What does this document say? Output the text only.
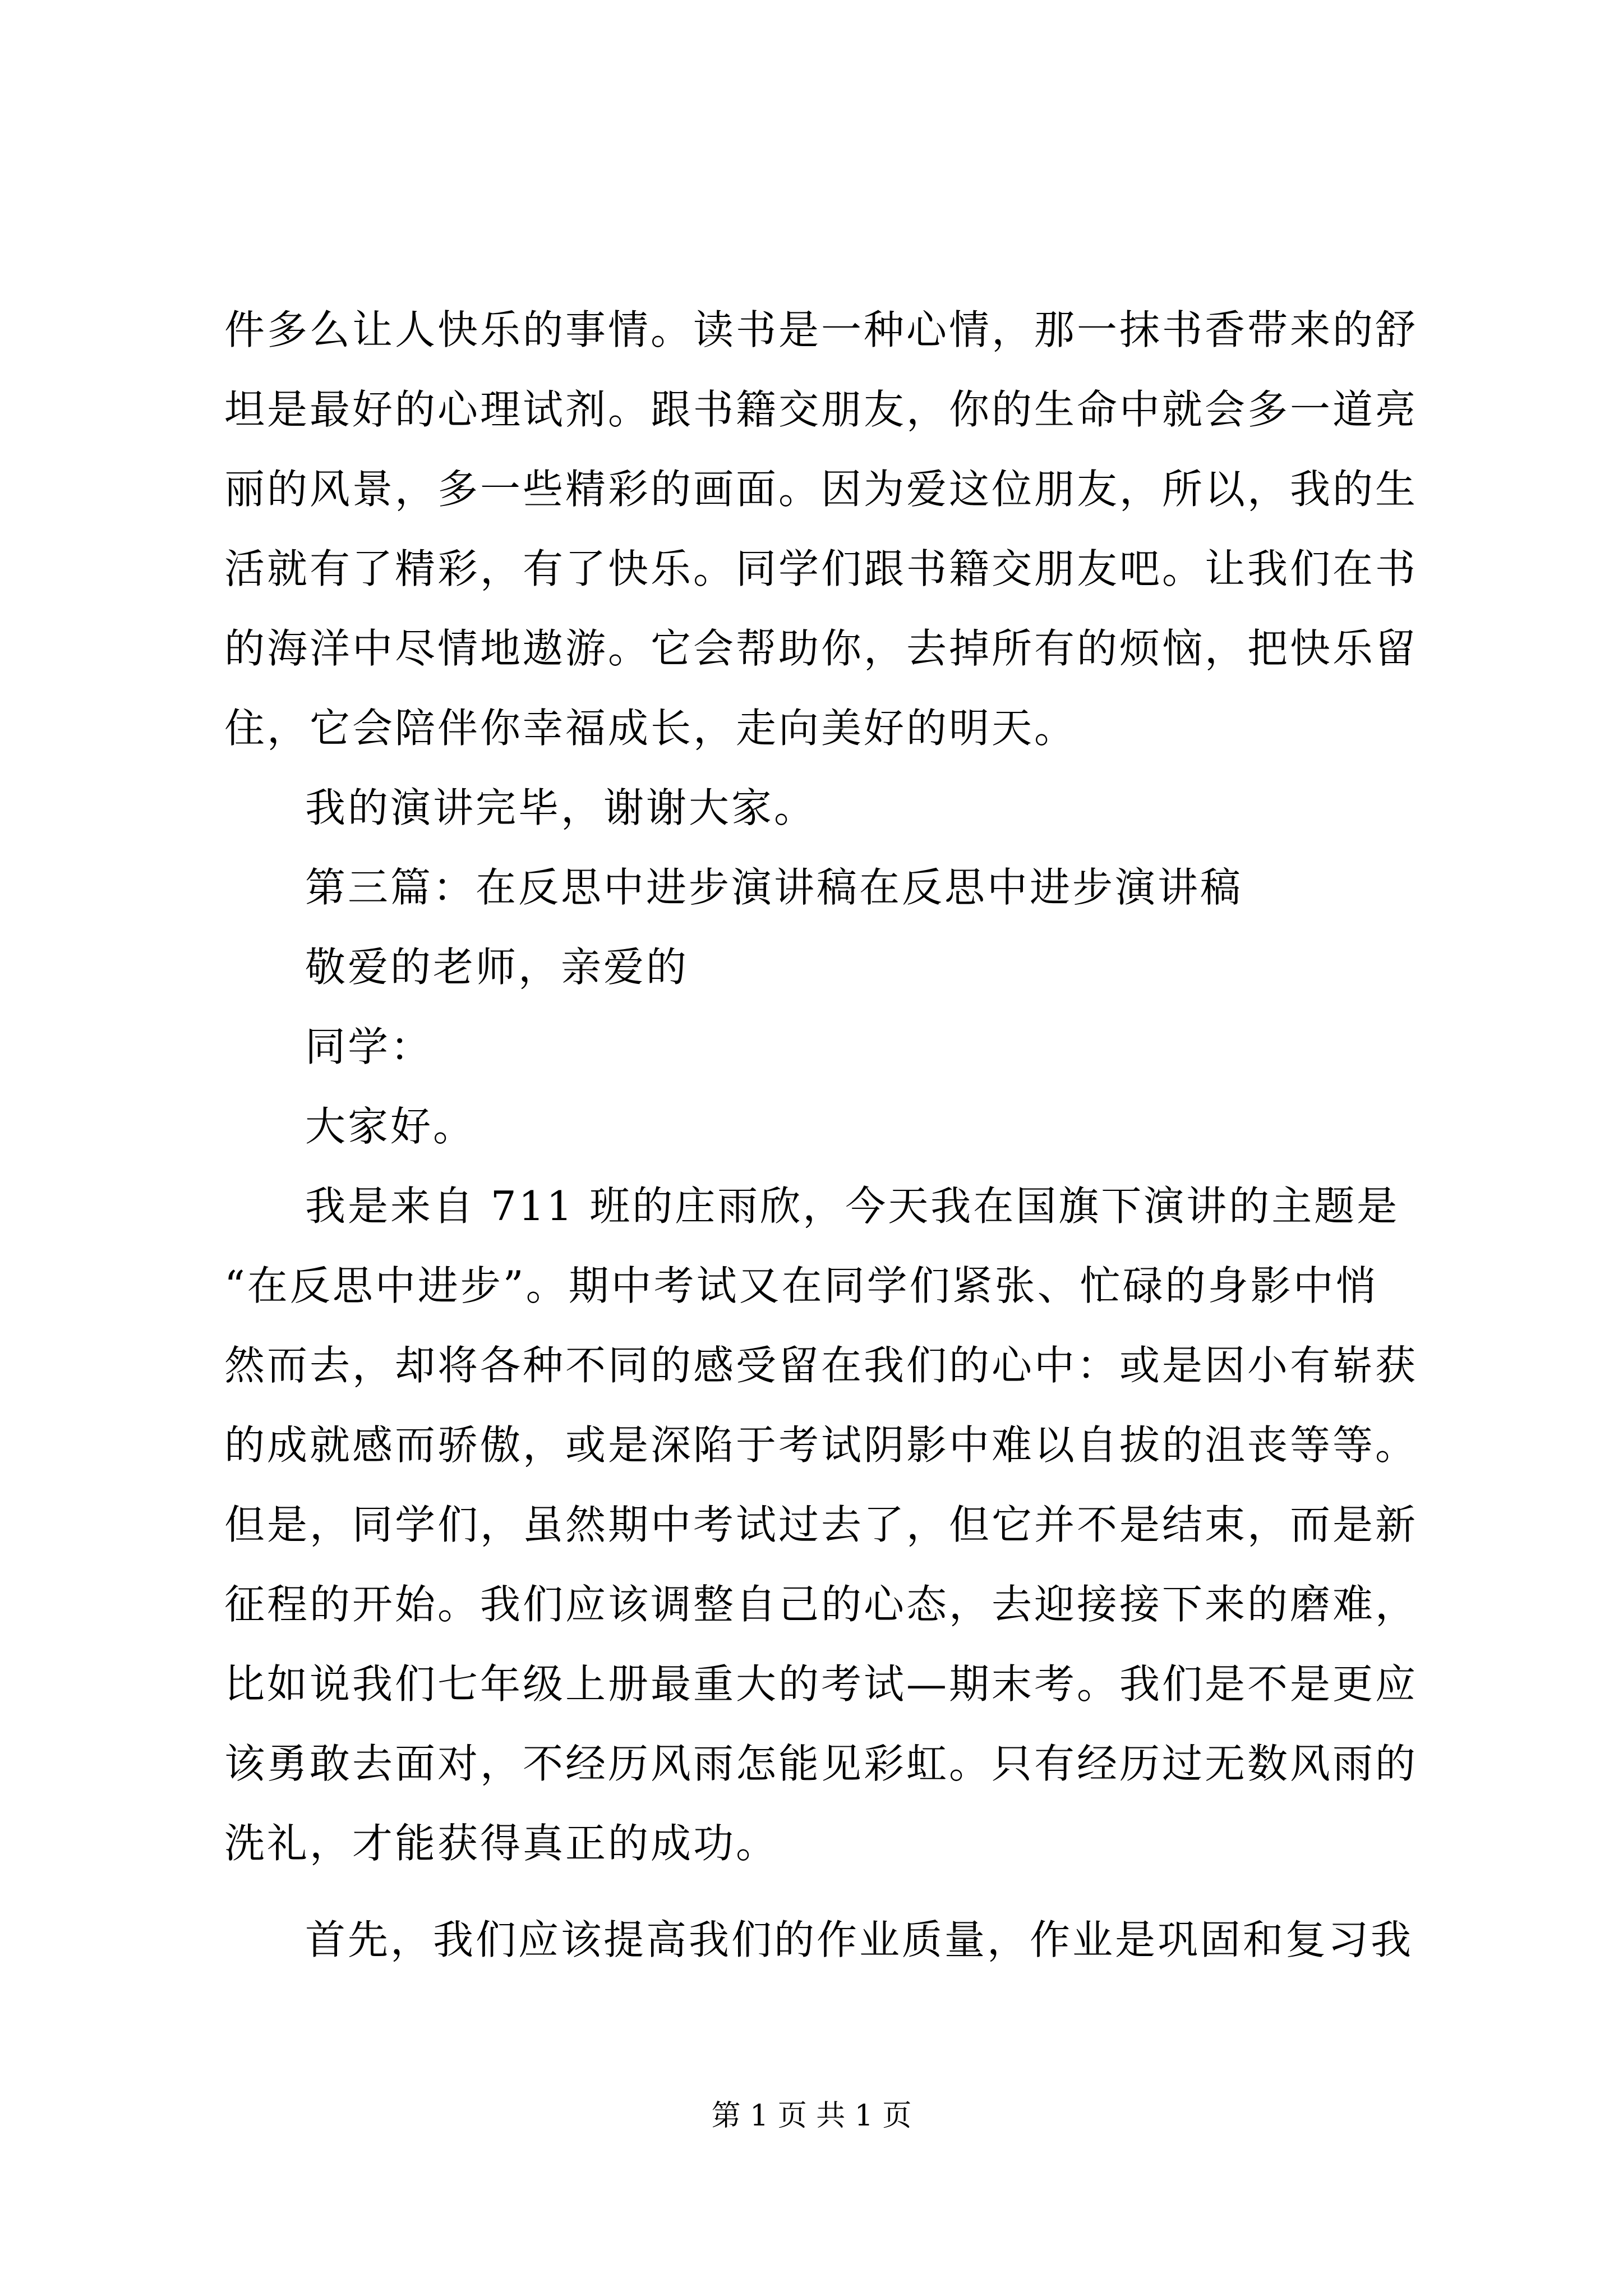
件多么让人快乐的事情。读书是一种心情，那一抹书香带来的舒
坦是最好的心理试剂。跟书籍交朋友，你的生命中就会多一道亮
丽的风景，多一些精彩的画面。因为爱这位朋友，所以，我的生
活就有了精彩，有了快乐。同学们跟书籍交朋友吧。让我们在书
的海洋中尽情地遨游。它会帮助你，去掉所有的烦恼，把快乐留
住，它会陪伴你幸福成长，走向美好的明天。
我的演讲完毕，谢谢大家。
第三篇：在反思中进步演讲稿在反思中进步演讲稿
敬爱的老师，亲爱的
同学：
大家好。
我是来自 711 班的庄雨欣，今天我在国旗下演讲的主题是
“在反思中进步”。期中考试又在同学们紧张、忙碌的身影中悄
然而去，却将各种不同的感受留在我们的心中：或是因小有崭获
的成就感而骄傲，或是深陷于考试阴影中难以自拔的沮丧等等。
但是，同学们，虽然期中考试过去了，但它并不是结束，而是新
征程的开始。我们应该调整自己的心态，去迎接接下来的磨难，
比如说我们七年级上册最重大的考试—期末考。我们是不是更应
该勇敢去面对，不经历风雨怎能见彩虹。只有经历过无数风雨的
洗礼，才能获得真正的成功。
首先，我们应该提高我们的作业质量，作业是巩固和复习我
第 1 页 共 1 页
